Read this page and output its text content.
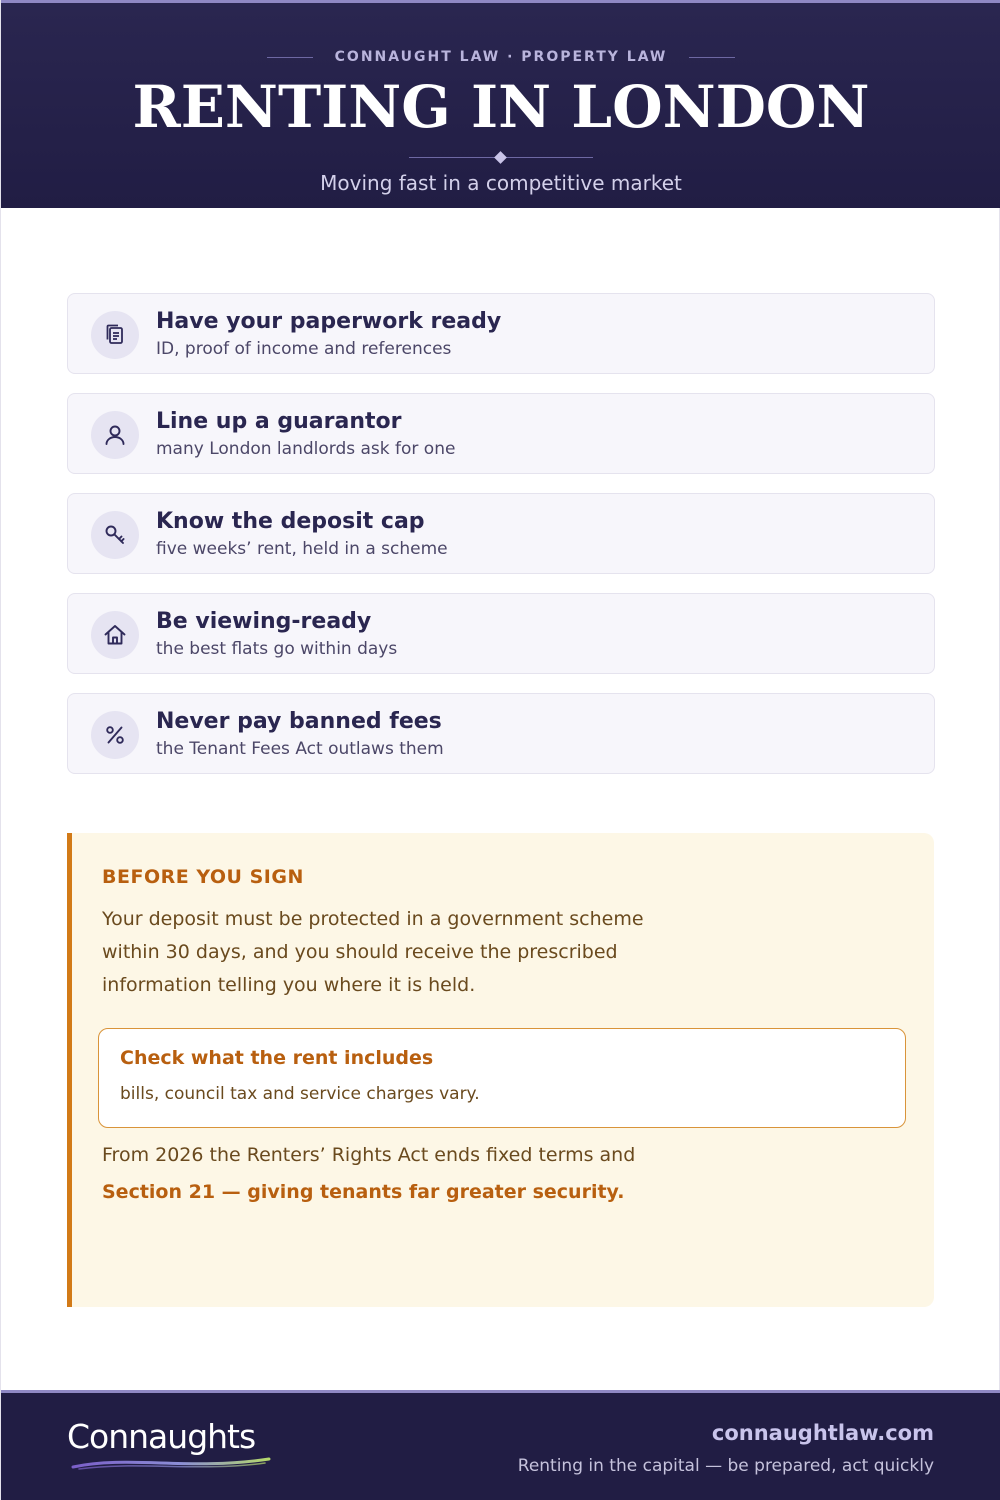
CONNAUGHT LAW · PROPERTY LAW
RENTING IN LONDON
Moving fast in a competitive market
Have your paperwork ready
ID, proof of income and references
Line up a guarantor
many London landlords ask for one
Know the deposit cap
five weeks’ rent, held in a scheme
Be viewing-ready
the best flats go within days
Never pay banned fees
the Tenant Fees Act outlaws them
BEFORE YOU SIGN

Your deposit must be protected in a government scheme within 30 days, and you should receive the prescribed information telling you where it is held.

Check what the rent includes
bills, council tax and service charges vary.
From 2026 the Renters’ Rights Act ends fixed terms and
Section 21 — giving tenants far greater security.
Connaughts	connaughtlaw.com
Renting in the capital — be prepared, act quickly
